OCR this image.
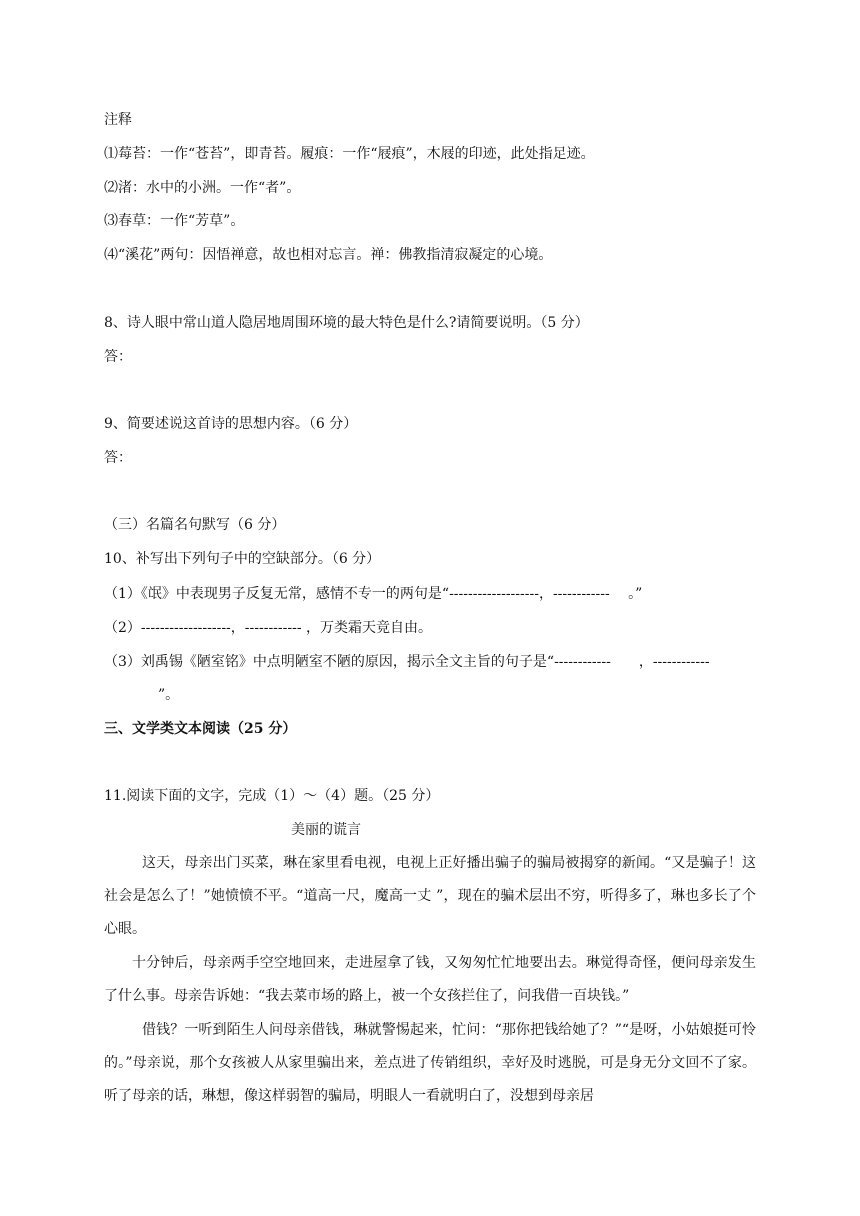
注释
⑴莓苔：一作“苍苔”，即青苔。履痕：一作“屐痕”，木屐的印迹，此处指足迹。
⑵渚：水中的小洲。一作“者”。
⑶春草：一作“芳草”。
⑷“溪花”两句：因悟禅意，故也相对忘言。禅：佛教指清寂凝定的心境。
8、诗人眼中常山道人隐居地周围环境的最大特色是什么?请简要说明。（5 分）
答：
9、简要述说这首诗的思想内容。（6 分）
答：
（三）名篇名句默写（6 分）
10、补写出下列句子中的空缺部分。（6 分）
（1）《氓》中表现男子反复无常，感情不专一的两句是“-------------------，------------　 。”
（2）-------------------，------------ ，万类霜天竞自由。
（3）刘禹锡《陋室铭》中点明陋室不陋的原因，揭示全文主旨的句子是“------------　　，------------
”。
三、文学类文本阅读（25 分）
11.阅读下面的文字，完成（1）～（4）题。（25 分）
美丽的谎言
这天，母亲出门买菜，琳在家里看电视，电视上正好播出骗子的骗局被揭穿的新闻。“又是骗子！这社会是怎么了！”她愤愤不平。“道高一尺，魔高一丈 ”，现在的骗术层出不穷，听得多了，琳也多长了个心眼。
十分钟后，母亲两手空空地回来，走进屋拿了钱，又匆匆忙忙地要出去。琳觉得奇怪，便问母亲发生了什么事。母亲告诉她：“我去菜市场的路上，被一个女孩拦住了，问我借一百块钱。”
借钱？一听到陌生人问母亲借钱，琳就警惕起来，忙问：“那你把钱给她了？”“是呀，小姑娘挺可怜的。”母亲说，那个女孩被人从家里骗出来，差点进了传销组织，幸好及时逃脱，可是身无分文回不了家。听了母亲的话，琳想，像这样弱智的骗局，明眼人一看就明白了，没想到母亲居
